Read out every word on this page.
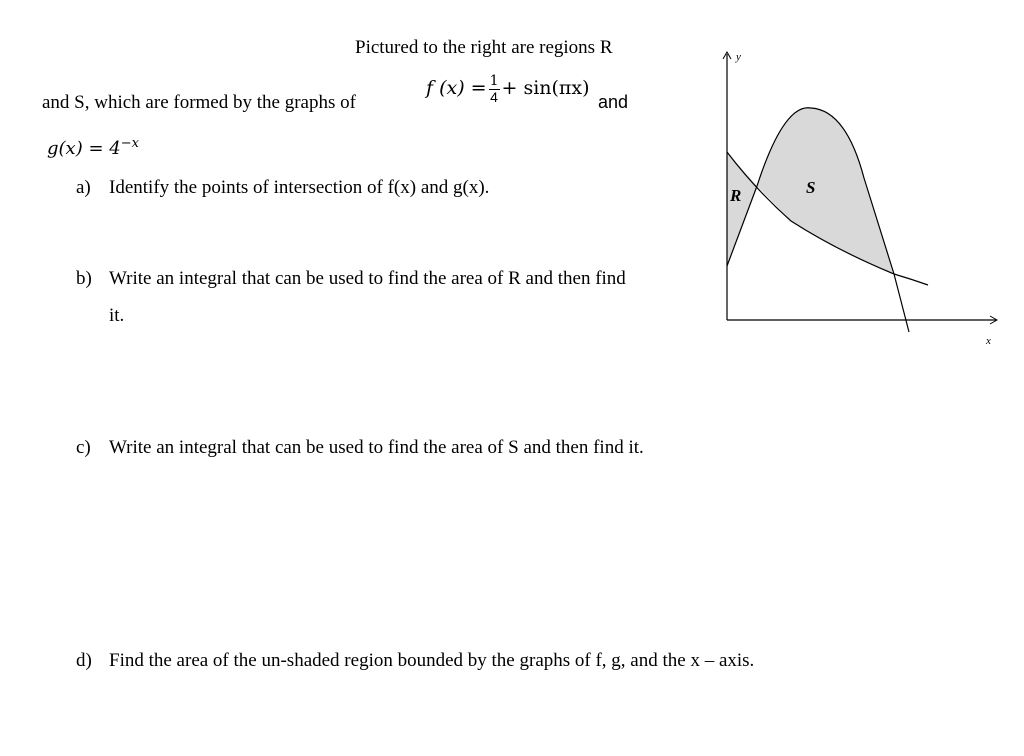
Pictured to the right are regions R
and S, which are formed by the graphs of
f $(x) = \frac{1}{4} + \sin(\pi x)$
and
$g(x) = 4^{-x}$
a) Identify the points of intersection of f(x) and g(x).
b) Write an integral that can be used to find the area of R and then find
it.
c) Write an integral that can be used to find the area of S and then find it.
d) Find the area of the un-shaded region bounded by the graphs of f, g, and the x – axis.
y
x
R	S
